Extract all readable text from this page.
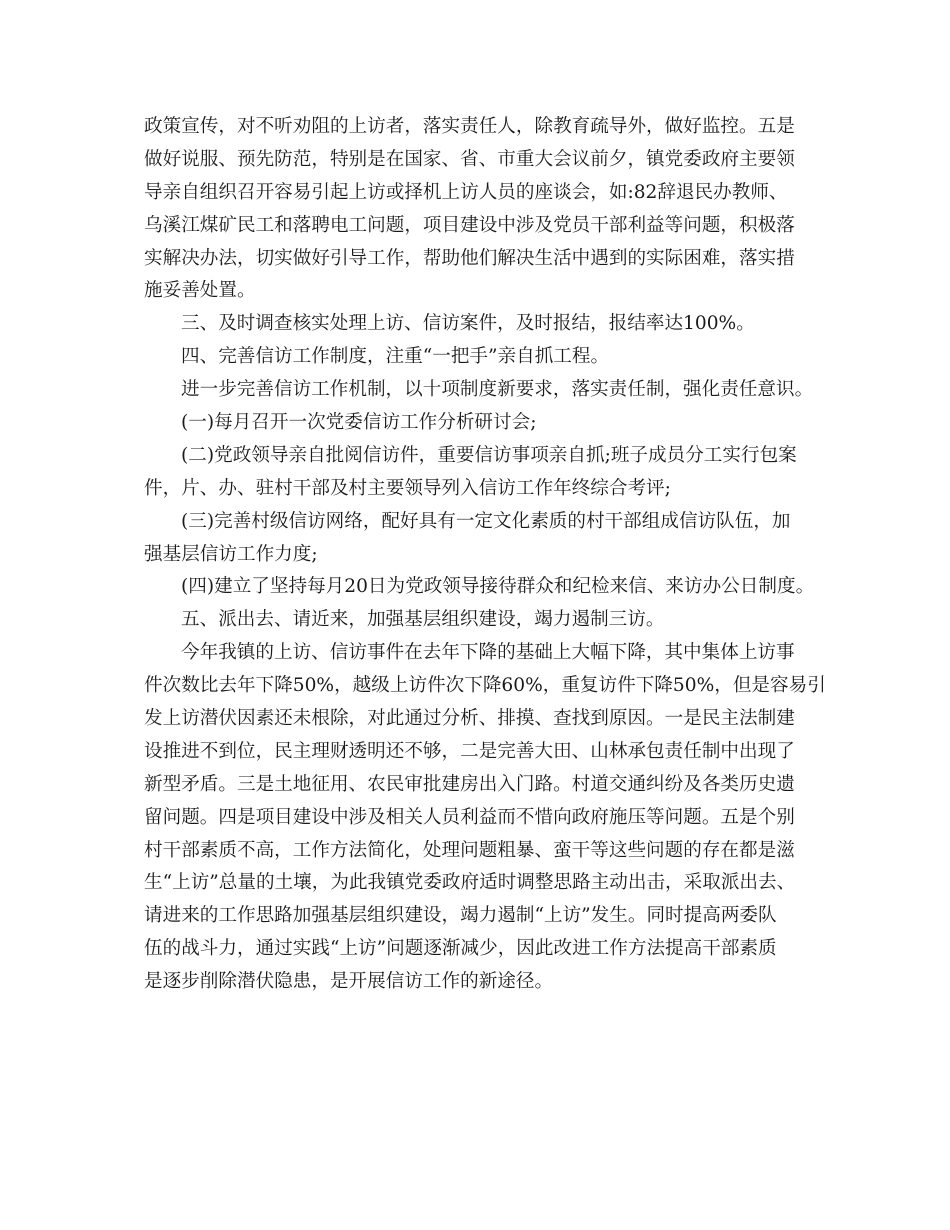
政策宣传，对不听劝阻的上访者，落实责任人，除教育疏导外，做好监控。五是
做好说服、预先防范，特别是在国家、省、市重大会议前夕，镇党委政府主要领
导亲自组织召开容易引起上访或择机上访人员的座谈会，如:82辞退民办教师、
乌溪江煤矿民工和落聘电工问题，项目建设中涉及党员干部利益等问题，积极落
实解决办法，切实做好引导工作，帮助他们解决生活中遇到的实际困难，落实措
施妥善处置。
三、及时调查核实处理上访、信访案件，及时报结，报结率达100%。
四、完善信访工作制度，注重“一把手”亲自抓工程。
进一步完善信访工作机制，以十项制度新要求，落实责任制，强化责任意识。
(一)每月召开一次党委信访工作分析研讨会;
(二)党政领导亲自批阅信访件，重要信访事项亲自抓;班子成员分工实行包案
件，片、办、驻村干部及村主要领导列入信访工作年终综合考评;
(三)完善村级信访网络，配好具有一定文化素质的村干部组成信访队伍，加
强基层信访工作力度;
(四)建立了坚持每月20日为党政领导接待群众和纪检来信、来访办公日制度。
五、派出去、请近来，加强基层组织建设，竭力遏制三访。
今年我镇的上访、信访事件在去年下降的基础上大幅下降，其中集体上访事
件次数比去年下降50%，越级上访件次下降60%，重复访件下降50%，但是容易引
发上访潜伏因素还未根除，对此通过分析、排摸、查找到原因。一是民主法制建
设推进不到位，民主理财透明还不够，二是完善大田、山林承包责任制中出现了
新型矛盾。三是土地征用、农民审批建房出入门路。村道交通纠纷及各类历史遗
留问题。四是项目建设中涉及相关人员利益而不惜向政府施压等问题。五是个别
村干部素质不高，工作方法简化，处理问题粗暴、蛮干等这些问题的存在都是滋
生“上访”总量的土壤，为此我镇党委政府适时调整思路主动出击，采取派出去、
请进来的工作思路加强基层组织建设，竭力遏制“上访”发生。同时提高两委队
伍的战斗力，通过实践“上访”问题逐渐减少，因此改进工作方法提高干部素质
是逐步削除潜伏隐患，是开展信访工作的新途径。
